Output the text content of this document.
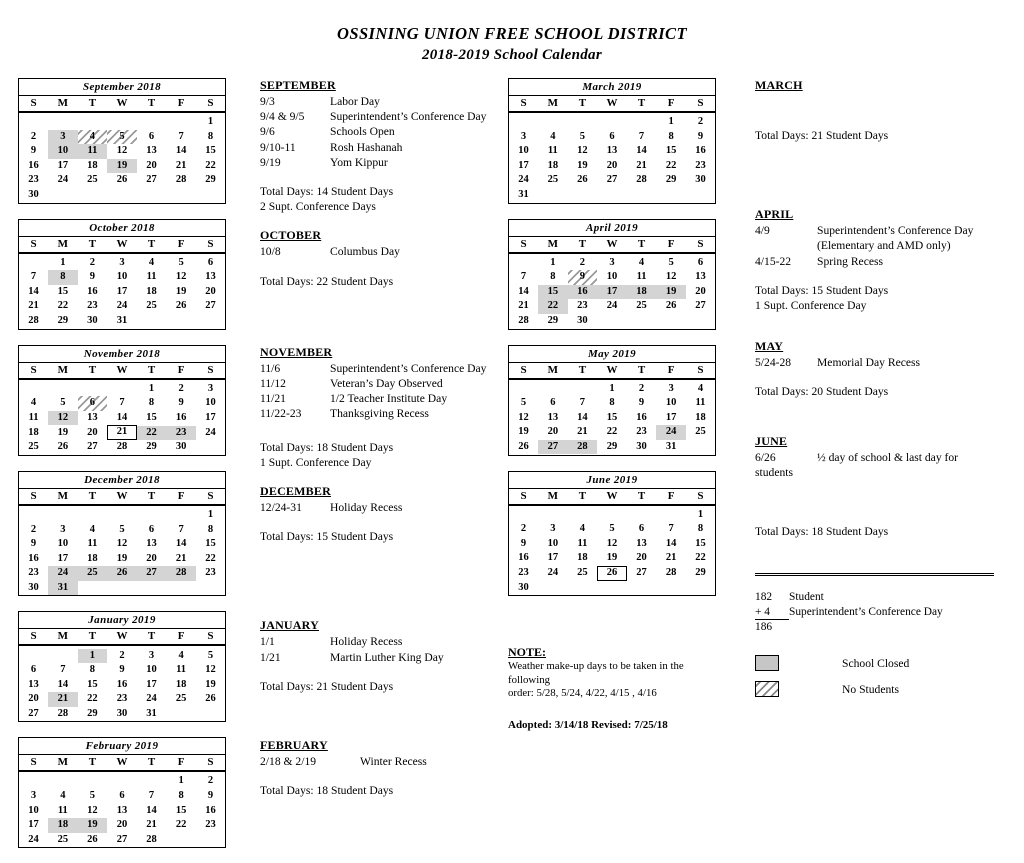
OSSINING UNION FREE SCHOOL DISTRICT
2018-2019 School Calendar
September 2018						
S	M	T	W	T	F	S

						1

2	3	4	5	6	7	8

9	10	11	12	13	14	15

16	17	18	19	20	21	22

23	24	25	26	27	28	29

30						

October 2018						
S	M	T	W	T	F	S

	1	2	3	4	5	6

7	8	9	10	11	12	13

14	15	16	17	18	19	20

21	22	23	24	25	26	27

28	29	30	31			

November 2018						
S	M	T	W	T	F	S

				1	2	3

4	5	6	7	8	9	10

11	12	13	14	15	16	17

18	19	20	21	22	23	24

25	26	27	28	29	30	

December 2018						
S	M	T	W	T	F	S

						1

2	3	4	5	6	7	8

9	10	11	12	13	14	15

16	17	18	19	20	21	22

23	24	25	26	27	28	23

30	31					

January 2019						
S	M	T	W	T	F	S

		1	2	3	4	5

6	7	8	9	10	11	12

13	14	15	16	17	18	19

20	21	22	23	24	25	26

27	28	29	30	31		

February 2019						
S	M	T	W	T	F	S

					1	2

3	4	5	6	7	8	9

10	11	12	13	14	15	16

17	18	19	20	21	22	23

24	25	26	27	28		

SEPTEMBER
9/3	Labor Day
9/4 & 9/5	Superintendent’s Conference Day
9/6	Schools Open
9/10-11	Rosh Hashanah
9/19	Yom Kippur
Total Days: 14 Student Days
2 Supt. Conference Days
OCTOBER
10/8	Columbus Day
Total Days: 22 Student Days
NOVEMBER
11/6	Superintendent’s Conference Day
11/12	Veteran’s Day Observed
11/21	1/2 Teacher Institute Day
11/22-23	Thanksgiving Recess
Total Days: 18 Student Days
1 Supt. Conference Day
DECEMBER
12/24-31	Holiday Recess
Total Days: 15 Student Days
JANUARY
1/1	Holiday Recess
1/21	Martin Luther King Day
Total Days: 21 Student Days
FEBRUARY
2/18 & 2/19	Winter Recess
Total Days: 18 Student Days
March 2019						
S	M	T	W	T	F	S

					1	2

3	4	5	6	7	8	9

10	11	12	13	14	15	16

17	18	19	20	21	22	23

24	25	26	27	28	29	30

31						

April 2019						
S	M	T	W	T	F	S

	1	2	3	4	5	6

7	8	9	10	11	12	13

14	15	16	17	18	19	20

21	22	23	24	25	26	27

28	29	30				

May 2019						
S	M	T	W	T	F	S

			1	2	3	4

5	6	7	8	9	10	11

12	13	14	15	16	17	18

19	20	21	22	23	24	25

26	27	28	29	30	31	

June 2019						
S	M	T	W	T	F	S

						1

2	3	4	5	6	7	8

9	10	11	12	13	14	15

16	17	18	19	20	21	22

23	24	25	26	27	28	29

30						

NOTE:
Weather make-up days to be taken in the following
order: 5/28, 5/24, 4/22, 4/15 , 4/16
Adopted: 3/14/18 Revised: 7/25/18
MARCH
Total Days: 21 Student Days
APRIL
4/9	Superintendent’s Conference Day
(Elementary and AMD only)
4/15-22	Spring Recess
Total Days: 15 Student Days
1 Supt. Conference Day
MAY
5/24-28	Memorial Day Recess
Total Days: 20 Student Days
JUNE
6/26	½ day of school & last day for
students
Total Days: 18 Student Days
182	Student
+ 4	Superintendent’s Conference Day
186
School Closed
No Students
